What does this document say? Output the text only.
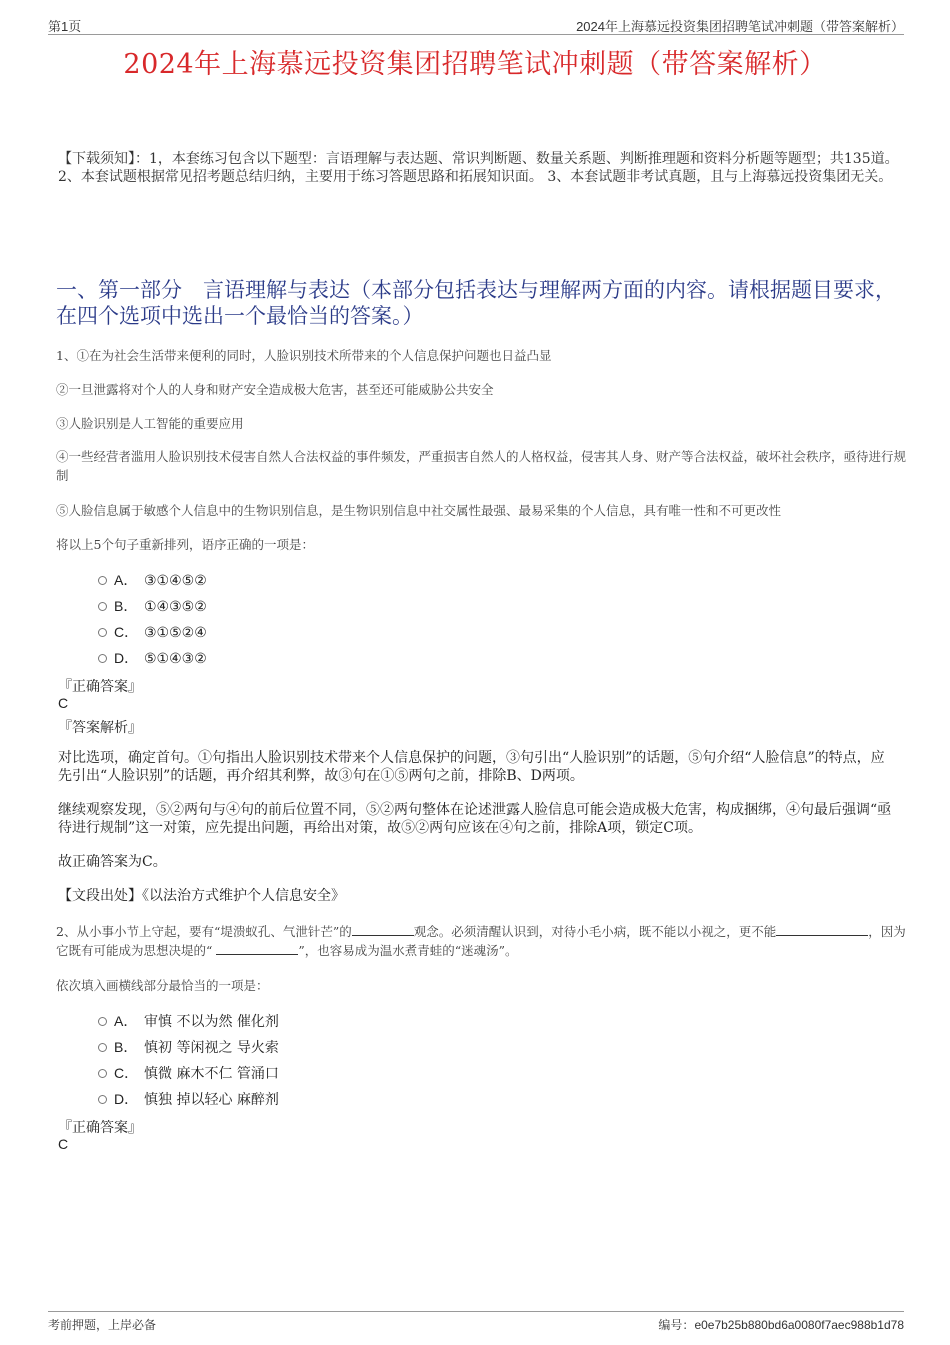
第1页	2024年上海慕远投资集团招聘笔试冲刺题（带答案解析）
2024年上海慕远投资集团招聘笔试冲刺题（带答案解析）
【下载须知】：1，本套练习包含以下题型：言语理解与表达题、常识判断题、数量关系题、判断推理题和资料分析题等题型；共135道。 2、本套试题根据常见招考题总结归纳，主要用于练习答题思路和拓展知识面。 3、本套试题非考试真题，且与上海慕远投资集团无关。
一、第一部分　言语理解与表达（本部分包括表达与理解两方面的内容。请根据题目要求，在四个选项中选出一个最恰当的答案。）
1、①在为社会生活带来便利的同时，人脸识别技术所带来的个人信息保护问题也日益凸显
②一旦泄露将对个人的人身和财产安全造成极大危害，甚至还可能威胁公共安全
③人脸识别是人工智能的重要应用
④一些经营者滥用人脸识别技术侵害自然人合法权益的事件频发，严重损害自然人的人格权益，侵害其人身、财产等合法权益，破坏社会秩序，亟待进行规制
⑤人脸信息属于敏感个人信息中的生物识别信息，是生物识别信息中社交属性最强、最易采集的个人信息，具有唯一性和不可更改性
将以上5个句子重新排列，语序正确的一项是：
A． ③①④⑤②
B． ①④③⑤②
C． ③①⑤②④
D． ⑤①④③②
『正确答案』
C
『答案解析』
对比选项，确定首句。①句指出人脸识别技术带来个人信息保护的问题，③句引出“人脸识别”的话题，⑤句介绍“人脸信息”的特点，应先引出“人脸识别”的话题，再介绍其利弊，故③句在①⑤两句之前，排除B、D两项。
继续观察发现，⑤②两句与④句的前后位置不同，⑤②两句整体在论述泄露人脸信息可能会造成极大危害，构成捆绑，④句最后强调“亟待进行规制”这一对策，应先提出问题，再给出对策，故⑤②两句应该在④句之前，排除A项，锁定C项。
故正确答案为C。
【文段出处】《以法治方式维护个人信息安全》
2、从小事小节上守起，要有“堤溃蚁孔、气泄针芒”的	观念。必须清醒认识到，对待小毛小病，既不能以小视之，更不能	，因为它既有可能成为思想决堤的“	”，也容易成为温水煮青蛙的“迷魂汤”。
依次填入画横线部分最恰当的一项是：
A． 审慎 不以为然 催化剂
B． 慎初 等闲视之 导火索
C． 慎微 麻木不仁 管涌口
D． 慎独 掉以轻心 麻醉剂
『正确答案』
C
考前押题，上岸必备	编号：e0e7b25b880bd6a0080f7aec988b1d78
